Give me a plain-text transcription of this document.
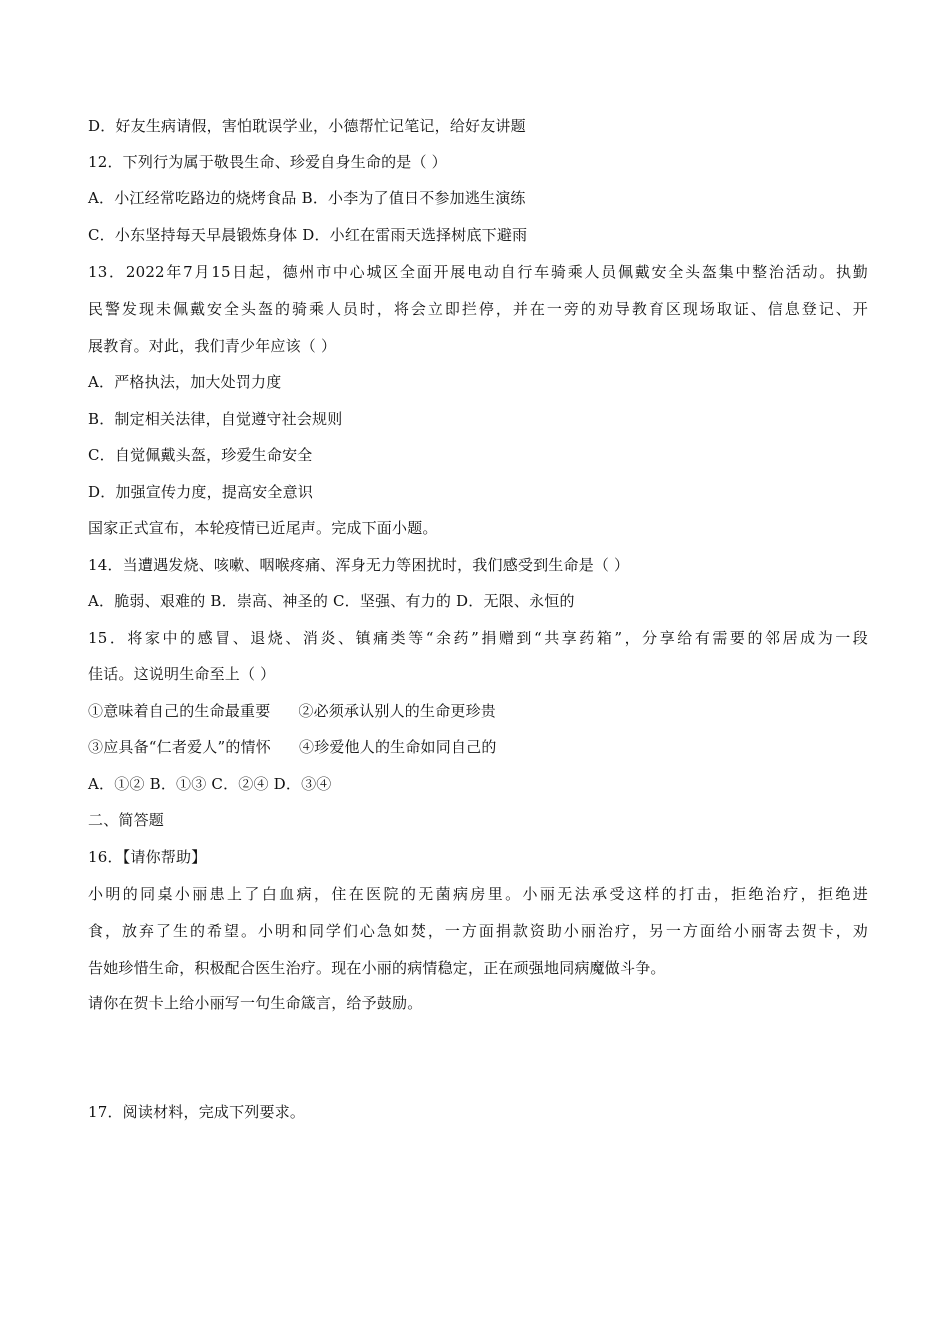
D．好友生病请假，害怕耽误学业，小德帮忙记笔记，给好友讲题
12．下列行为属于敬畏生命、珍爱自身生命的是（ ）
A．小江经常吃路边的烧烤食品 B．小李为了值日不参加逃生演练
C．小东坚持每天早晨锻炼身体 D．小红在雷雨天选择树底下避雨
13．2022年7月15日起，德州市中心城区全面开展电动自行车骑乘人员佩戴安全头盔集中整治活动。执勤
民警发现未佩戴安全头盔的骑乘人员时，将会立即拦停，并在一旁的劝导教育区现场取证、信息登记、开
展教育。对此，我们青少年应该（ ）
A．严格执法，加大处罚力度
B．制定相关法律，自觉遵守社会规则
C．自觉佩戴头盔，珍爱生命安全
D．加强宣传力度，提高安全意识
国家正式宣布，本轮疫情已近尾声。完成下面小题。
14．当遭遇发烧、咳嗽、咽喉疼痛、浑身无力等困扰时，我们感受到生命是（ ）
A．脆弱、艰难的 B．崇高、神圣的 C．坚强、有力的 D．无限、永恒的
15．将家中的感冒、退烧、消炎、镇痛类等“余药”捐赠到“共享药箱”，分享给有需要的邻居成为一段
佳话。这说明生命至上（ ）
①意味着自己的生命最重要 ②必须承认别人的生命更珍贵
③应具备“仁者爱人”的情怀 ④珍爱他人的生命如同自己的
A．①② B．①③ C．②④ D．③④
二、简答题
16．【请你帮助】
小明的同桌小丽患上了白血病，住在医院的无菌病房里。小丽无法承受这样的打击，拒绝治疗，拒绝进
食，放弃了生的希望。小明和同学们心急如焚，一方面捐款资助小丽治疗，另一方面给小丽寄去贺卡，劝
告她珍惜生命，积极配合医生治疗。现在小丽的病情稳定，正在顽强地同病魔做斗争。
请你在贺卡上给小丽写一句生命箴言，给予鼓励。
17．阅读材料，完成下列要求。
